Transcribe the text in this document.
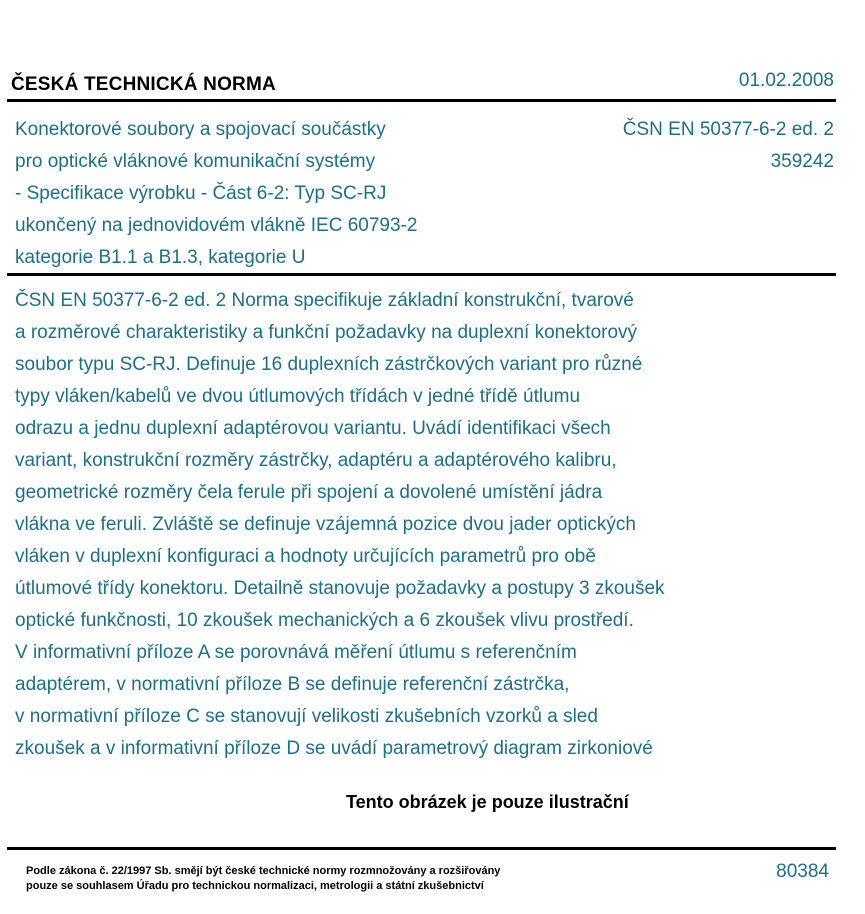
ČESKÁ TECHNICKÁ NORMA	01.02.2008
Konektorové soubory a spojovací součástky
pro optické vláknové komunikační systémy
- Specifikace výrobku - Část 6-2: Typ SC-RJ
ukončený na jednovidovém vlákně IEC 60793-2
kategorie B1.1 a B1.3, kategorie U
ČSN EN 50377-6-2 ed. 2
359242
ČSN EN 50377-6-2 ed. 2 Norma specifikuje základní konstrukční, tvarové
a rozměrové charakteristiky a funkční požadavky na duplexní konektorový
soubor typu SC-RJ. Definuje 16 duplexních zástrčkových variant pro různé
typy vláken/kabelů ve dvou útlumových třídách v jedné třídě útlumu
odrazu a jednu duplexní adaptérovou variantu. Uvádí identifikaci všech
variant, konstrukční rozměry zástrčky, adaptéru a adaptérového kalibru,
geometrické rozměry čela ferule při spojení a dovolené umístění jádra
vlákna ve feruli. Zvláště se definuje vzájemná pozice dvou jader optických
vláken v duplexní konfiguraci a hodnoty určujících parametrů pro obě
útlumové třídy konektoru. Detailně stanovuje požadavky a postupy 3 zkoušek
optické funkčnosti, 10 zkoušek mechanických a 6 zkoušek vlivu prostředí.
V informativní příloze A se porovnává měření útlumu s referenčním
adaptérem, v normativní příloze B se definuje referenční zástrčka,
v normativní příloze C se stanovují velikosti zkušebních vzorků a sled
zkoušek a v informativní příloze D se uvádí parametrový diagram zirkoniové
Tento obrázek je pouze ilustrační
Podle zákona č. 22/1997 Sb. smějí být české technické normy rozmnožovány a rozšiřovány
pouze se souhlasem Úřadu pro technickou normalizaci, metrologii a státní zkušebnictví
80384
